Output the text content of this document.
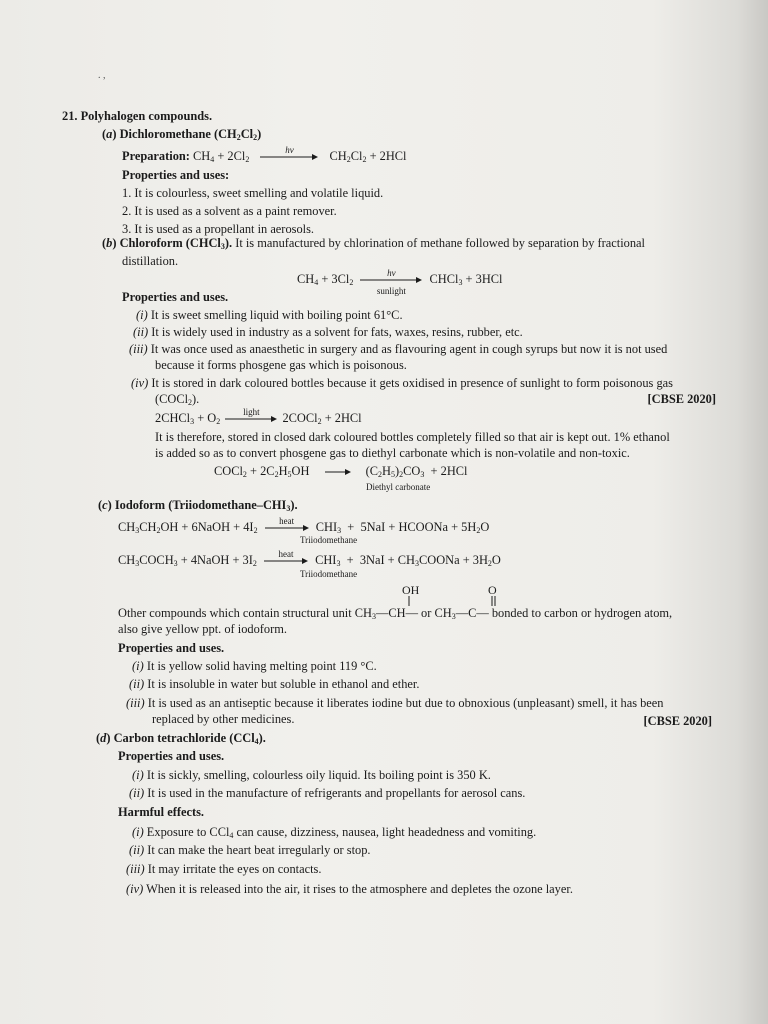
. ,
21. Polyhalogen compounds.
(a) Dichloromethane $(CH_2Cl_2)$
Preparation: $CH_4 + 2Cl_2$
hv	$CH_2Cl_2 + 2HCl$
Properties and uses:
1. It is colourless, sweet smelling and volatile liquid.
2. It is used as a solvent as a paint remover.
3. It is used as a propellant in aerosols.
(b) Chloroform (CHCl$_3$). It is manufactured by chlorination of methane followed by separation by fractional
distillation.
$CH_4 + 3Cl_2$
hv
sunlight
CHCl$_3$ + 3HCl
Properties and uses.
(i) It is sweet smelling liquid with boiling point 61°C.
(ii) It is widely used in industry as a solvent for fats, waxes, resins, rubber, etc.
(iii) It was once used as anaesthetic in surgery and as flavouring agent in cough syrups but now it is not used
because it forms phosgene gas which is poisonous.
(iv) It is stored in dark coloured bottles because it gets oxidised in presence of sunlight to form poisonous gas
(COCl$_2$).	[CBSE 2020]
2CHCl$_3$ + $O_2$
light	2COCl$_2$ + 2HCl
It is therefore, stored in closed dark coloured bottles completely filled so that air is kept out. 1% ethanol
is added so as to convert phosgene gas to diethyl carbonate which is non-volatile and non-toxic.
COCl$_2$ + $2C_2H_5OH \to (C_2H_5)_2CO_3 + 2HCl$
Diethyl carbonate
(c) Iodoform $(Triiodomethane-CHI_3)$.
$CH_3CH_2OH$ + 6NaOH + $4I_2$
heat	$CHI_3 + 5NaI$ + HCOONa + $5H_2O$
Triiodomethane
$CH_3COCH_3$ + 4NaOH + $3I_2$
heat	$CHI_3 + 3NaI$ + $CH_3COONa + 3H_2O$
Triiodomethane
OH	O
Other compounds which contain structural unit $CH_3—CH—$ or $CH_3—C—$ bonded to carbon or hydrogen atom,
also give yellow ppt. of iodoform.
Properties and uses.
(i) It is yellow solid having melting point 119 °C.
(ii) It is insoluble in water but soluble in ethanol and ether.
(iii) It is used as an antiseptic because it liberates iodine but due to obnoxious (unpleasant) smell, it has been
replaced by other medicines.	[CBSE 2020]
(d) Carbon tetrachloride (CCl$_4$).
Properties and uses.
(i) It is sickly, smelling, colourless oily liquid. Its boiling point is 350 K.
(ii) It is used in the manufacture of refrigerants and propellants for aerosol cans.
Harmful effects.
(i) Exposure to CCl$_4$ can cause, dizziness, nausea, light headedness and vomiting.
(ii) It can make the heart beat irregularly or stop.
(iii) It may irritate the eyes on contacts.
(iv) When it is released into the air, it rises to the atmosphere and depletes the ozone layer.
